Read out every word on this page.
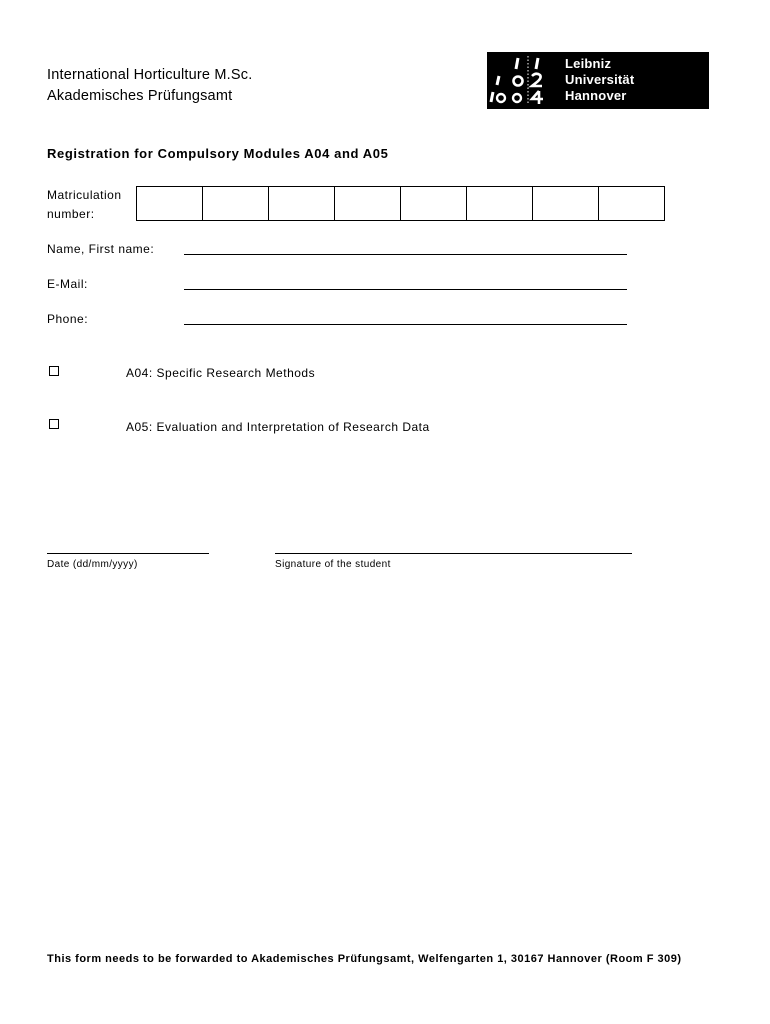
International Horticulture M.Sc.
Akademisches Prüfungsamt
Leibniz
Universität
Hannover
Registration for Compulsory Modules A04 and A05
Matriculation
number:
Name, First name:
E-Mail:
Phone:
A04: Specific Research Methods
A05: Evaluation and Interpretation of Research Data
Date (dd/mm/yyyy)	Signature of the student
This form needs to be forwarded to Akademisches Prüfungsamt, Welfengarten 1, 30167 Hannover (Room F 309)
